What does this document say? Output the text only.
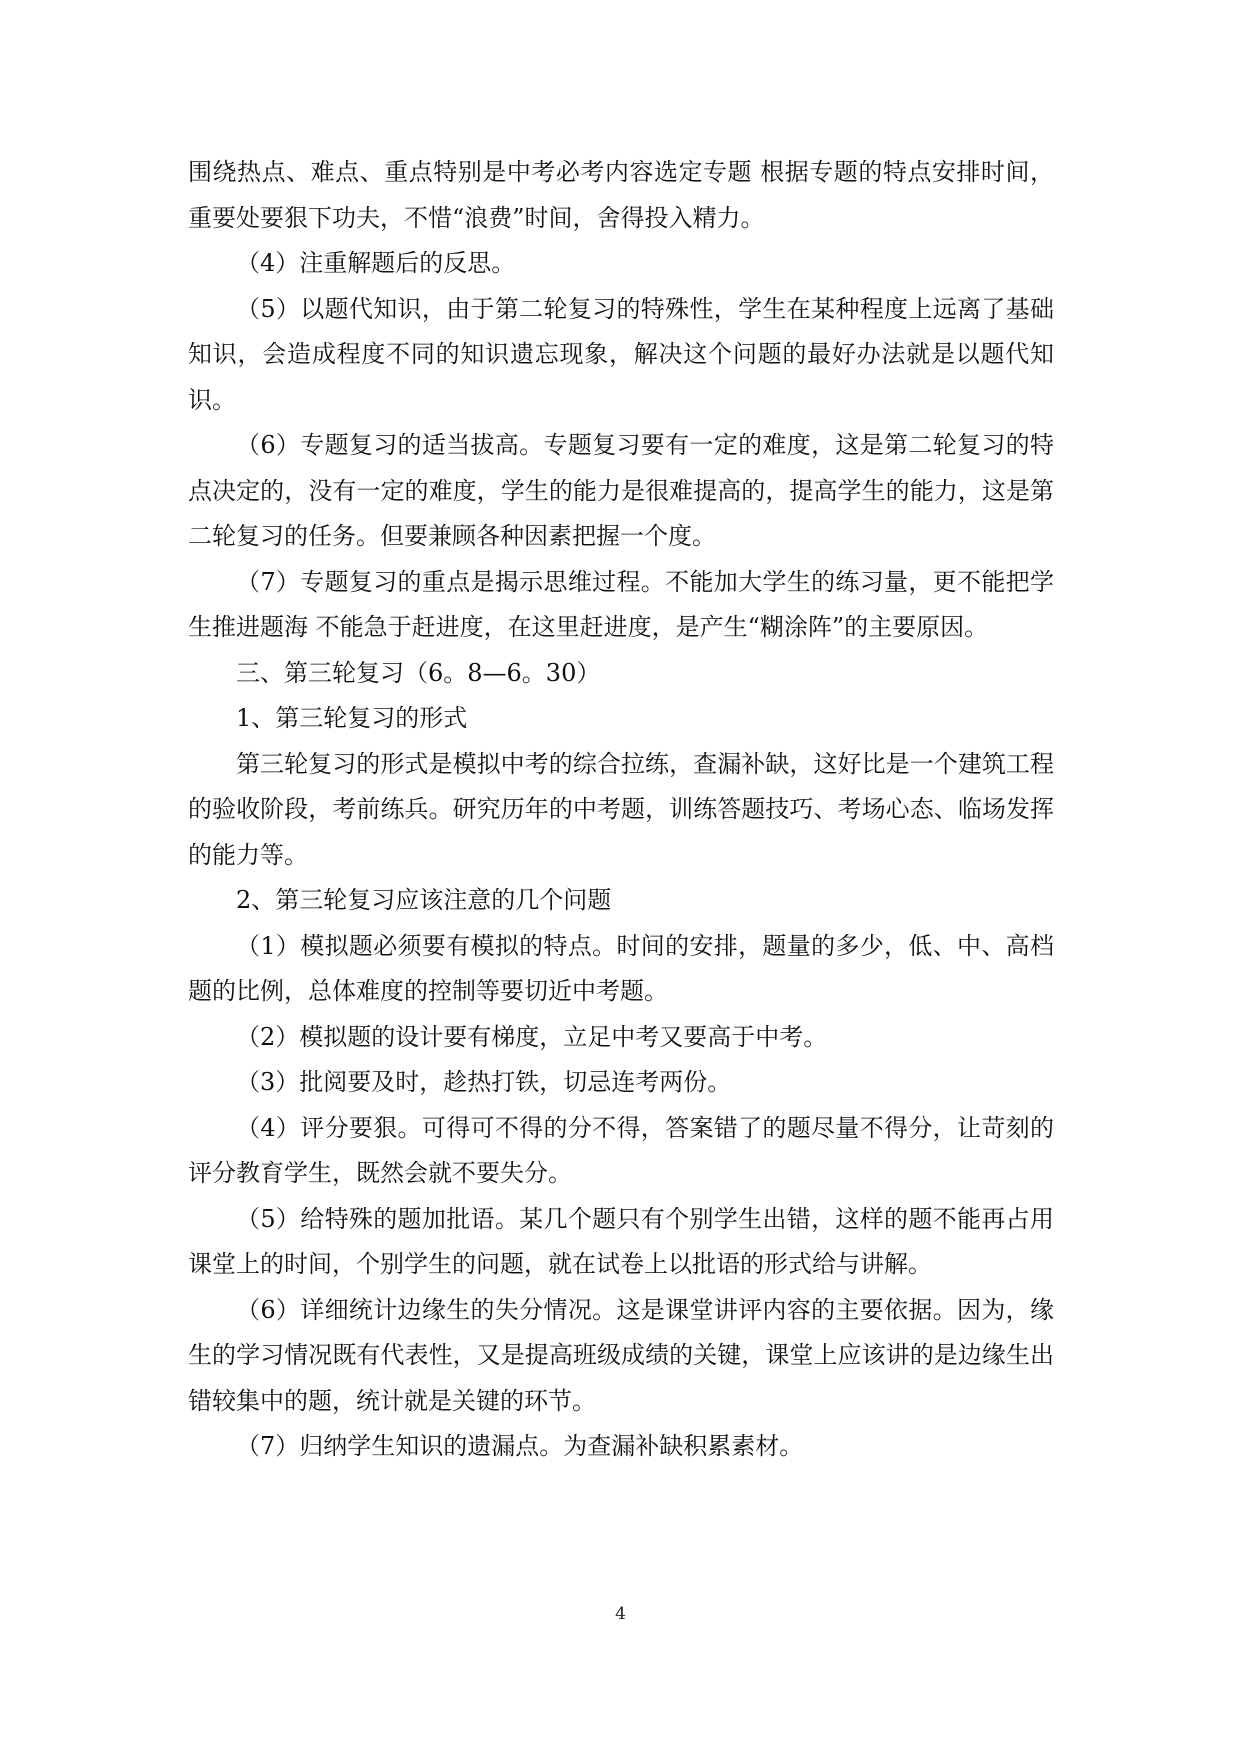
围绕热点、难点、重点特别是中考必考内容选定专题 根据专题的特点安排时间，重要处要狠下功夫，不惜“浪费”时间，舍得投入精力。

（4）注重解题后的反思。

（5）以题代知识，由于第二轮复习的特殊性，学生在某种程度上远离了基础知识，会造成程度不同的知识遗忘现象，解决这个问题的最好办法就是以题代知识。

（6）专题复习的适当拔高。专题复习要有一定的难度，这是第二轮复习的特点决定的，没有一定的难度，学生的能力是很难提高的，提高学生的能力，这是第二轮复习的任务。但要兼顾各种因素把握一个度。

（7）专题复习的重点是揭示思维过程。不能加大学生的练习量，更不能把学生推进题海 不能急于赶进度，在这里赶进度，是产生“糊涂阵”的主要原因。

三、第三轮复习（6。8—6。30）

1、第三轮复习的形式

第三轮复习的形式是模拟中考的综合拉练，查漏补缺，这好比是一个建筑工程的验收阶段，考前练兵。研究历年的中考题，训练答题技巧、考场心态、临场发挥的能力等。

2、第三轮复习应该注意的几个问题

（1）模拟题必须要有模拟的特点。时间的安排，题量的多少，低、中、高档题的比例，总体难度的控制等要切近中考题。

（2）模拟题的设计要有梯度，立足中考又要高于中考。

（3）批阅要及时，趁热打铁，切忌连考两份。

（4）评分要狠。可得可不得的分不得，答案错了的题尽量不得分，让苛刻的评分教育学生，既然会就不要失分。

（5）给特殊的题加批语。某几个题只有个别学生出错，这样的题不能再占用课堂上的时间，个别学生的问题，就在试卷上以批语的形式给与讲解。

（6）详细统计边缘生的失分情况。这是课堂讲评内容的主要依据。因为，缘生的学习情况既有代表性，又是提高班级成绩的关键，课堂上应该讲的是边缘生出错较集中的题，统计就是关键的环节。

（7）归纳学生知识的遗漏点。为查漏补缺积累素材。

4
